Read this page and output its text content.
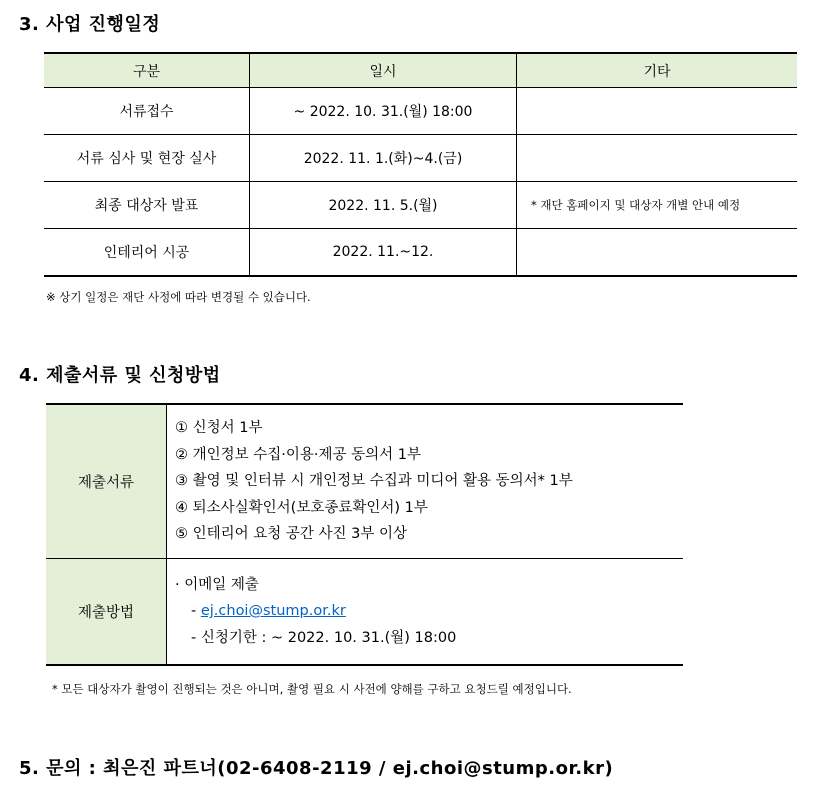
3. 사업 진행일정
구분	일시	기타
서류접수	~ 2022. 10. 31.(월) 18:00	
서류 심사 및 현장 실사	2022. 11. 1.(화)~4.(금)	
최종 대상자 발표	2022. 11. 5.(월)	* 재단 홈페이지 및 대상자 개별 안내 예정
인테리어 시공	2022. 11.~12.	
※ 상기 일정은 재단 사정에 따라 변경될 수 있습니다.
4. 제출서류 및 신청방법
제출서류	① 신청서 1부
② 개인정보 수집·이용·제공 동의서 1부
③ 촬영 및 인터뷰 시 개인정보 수집과 미디어 활용 동의서* 1부
④ 퇴소사실확인서(보호종료확인서) 1부
⑤ 인테리어 요청 공간 사진 3부 이상

제출방법	· 이메일 제출
- ej.choi@stump.or.kr
- 신청기한 : ~ 2022. 10. 31.(월) 18:00
* 모든 대상자가 촬영이 진행되는 것은 아니며, 촬영 필요 시 사전에 양해를 구하고 요청드릴 예정입니다.
5. 문의 : 최은진 파트너(02-6408-2119 / ej.choi@stump.or.kr)
